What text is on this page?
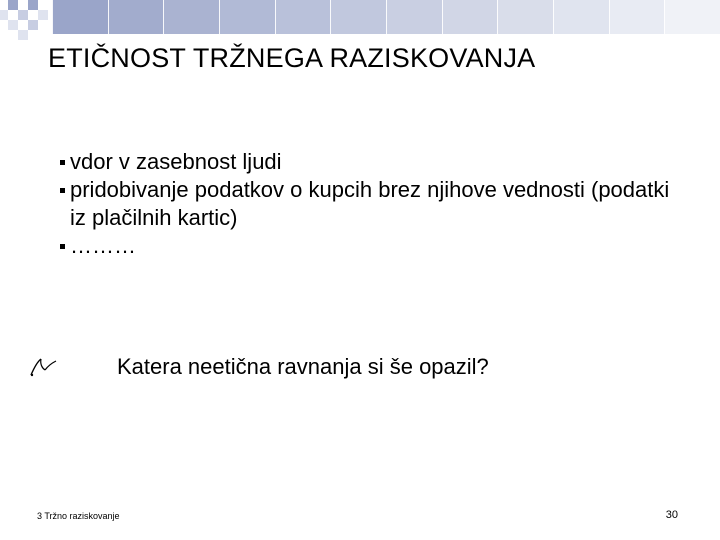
ETIČNOST TRŽNEGA RAZISKOVANJA
vdor v zasebnost ljudi
pridobivanje podatkov o kupcih brez njihove vednosti (podatki iz plačilnih kartic)
………
Katera neetična ravnanja si še opazil?
3 Tržno raziskovanje	30
